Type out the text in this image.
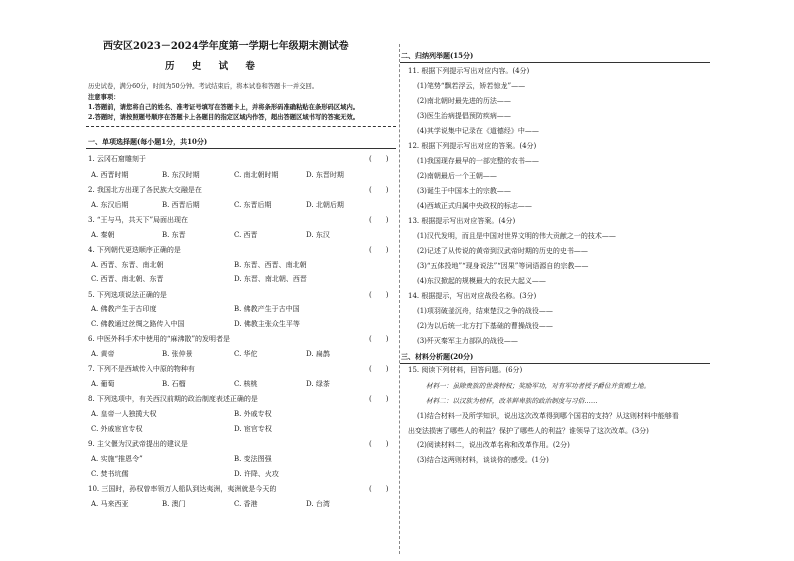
西安区2023－2024学年度第一学期七年级期末测试卷
历 史 试 卷
历史试卷，满分60分，时间为50分钟。考试结束后，将本试卷和答题卡一并交回。
注意事项：
1.答题前，请您将自己的姓名、准考证号填写在答题卡上，并将条形码准确粘贴在条形码区域内。
2.答题时，请按照题号顺序在答题卡上各题目的指定区域内作答，超出答题区域书写的答案无效。
一、单项选择题(每小题1分，共10分)
1. 云冈石窟雕刻于	(　　)
A. 西晋时期	B. 东汉时期	C. 南北朝时期	D. 东晋时期
2. 我国北方出现了各民族大交融是在	(　　)
A. 东汉后期	B. 西晋后期	C. 东晋后期	D. 北朝后期
3. “王与马，共天下”局面出现在	(　　)
A. 秦朝	B. 东晋	C. 西晋	D. 东汉
4. 下列朝代更迭顺序正确的是	(　　)
A. 西晋、东晋、南北朝	B. 东晋、西晋、南北朝
C. 西晋、南北朝、东晋	D. 东晋、南北朝、西晋
5. 下列选项说法正确的是	(　　)
A. 佛教产生于古印度	B. 佛教产生于古中国
C. 佛教通过丝绸之路传入中国	D. 佛教主张众生平等
6. 中医外科手术中使用的“麻沸散”的发明者是	(　　)
A. 黄帝	B. 张仲景	C. 华佗	D. 扁鹊
7. 下列不是西域传入中原的物种有	(　　)
A. 葡萄	B. 石榴	C. 核桃	D. 绿茶
8. 下列选项中，有关西汉前期的政治制度表述正确的是	(　　)
A. 皇帝一人独揽大权	B. 外戚专权
C. 外戚宦官专权	D. 宦官专权
9. 主父偃为汉武帝提出的建议是	(　　)
A. 实施“推恩令”	B. 变法图强
C. 焚书坑儒	D. 许降、火攻
10. 三国时，孙权曾率领万人船队到达夷洲，夷洲就是今天的	(　　)
A. 马来西亚	B. 澳门	C. 香港	D. 台湾
二、归纳列举题(15分)
11. 根据下列提示写出对应内容。(4分)
(1)笔势“飘若浮云，矫若惊龙”——
(2)南北朝时最先进的历法——
(3)医生治病提倡预防疾病——
(4)其学说集中记录在《道德经》中——
12. 根据下列提示写出对应的答案。(4分)
(1)我国现存最早的一部完整的农书——
(2)南朝最后一个王朝——
(3)诞生于中国本土的宗教——
(4)西域正式归属中央政权的标志——
13. 根据提示写出对应答案。(4分)
(1)汉代发明，而且是中国对世界文明的伟大贡献之一的技术——
(2)记述了从传说的黄帝到汉武帝时期的历史的史书——
(3)“五体投地”“现身说法”“因果”等词语源自的宗教——
(4)东汉掀起的规模最大的农民大起义——
14. 根据提示，写出对应战役名称。(3分)
(1)项羽破釜沉舟，结束楚汉之争的战役——
(2)为以后统一北方打下基础的曹操战役——
(3)歼灭秦军主力部队的战役——
三、材料分析题(20分)
15. 阅读下列材料，回答问题。(6分)
材料一：虽除贵族的世袭特权；奖励军功，对有军功者授予爵位并赏赐土地。
材料二：以汉族为榜样，改革鲜卑族的政治制度与习俗……
(1)结合材料一及所学知识，说出这次改革得到哪个国君的支持？从这则材料中能够看
出变法损害了哪些人的利益？保护了哪些人的利益？谁领导了这次改革。(3分)
(2)阅读材料二，说出改革名称和改革作用。(2分)
(3)结合这两则材料，谈谈你的感受。(1分)
